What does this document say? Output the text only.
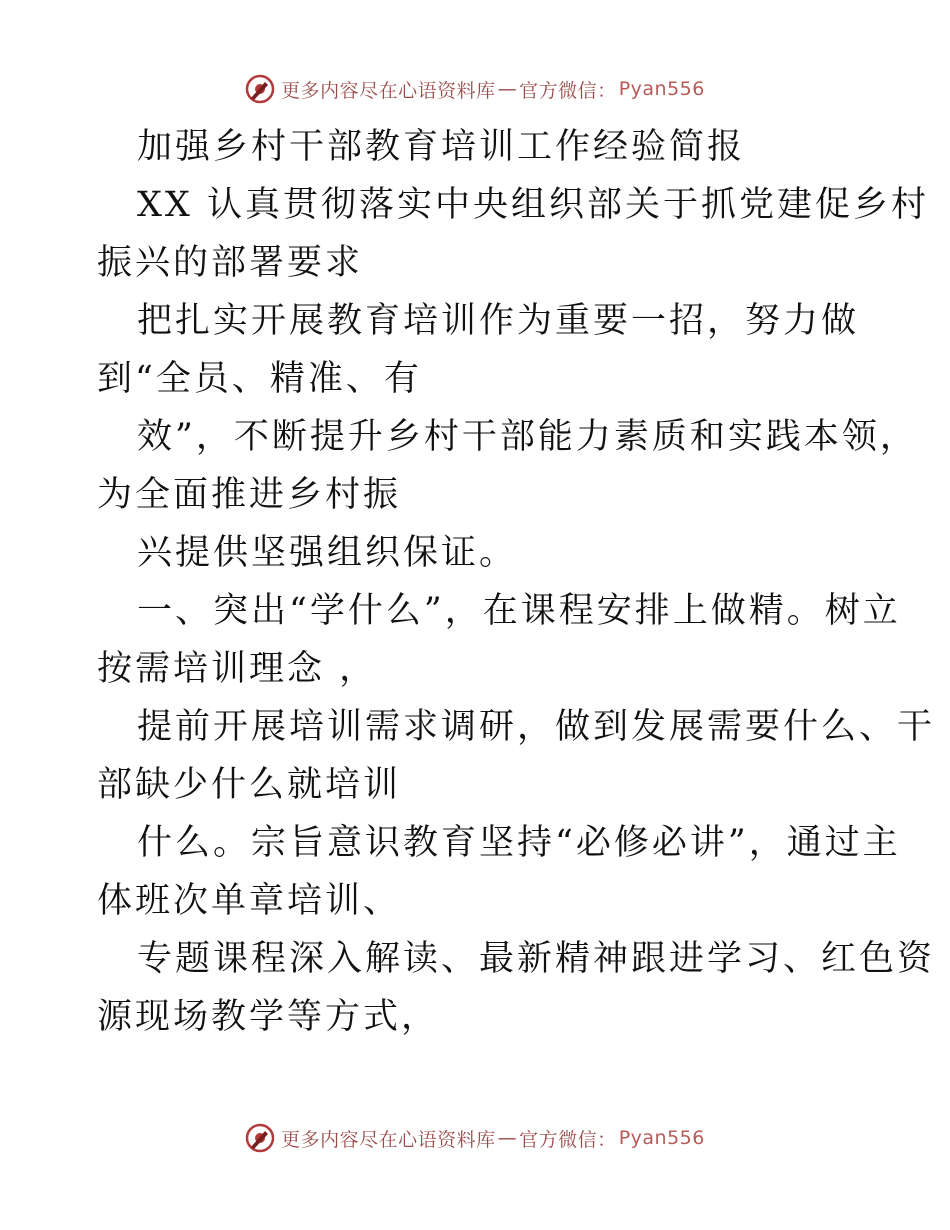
更多内容尽在心语资料库 — 官方微信： Pyan556
加强乡村干部教育培训工作经验简报
XX 认真贯彻落实中央组织部关于抓党建促乡村
振兴的部署要求
把扎实开展教育培训作为重要一招，努力做
到“全员、精准、有
效”，不断提升乡村干部能力素质和实践本领，
为全面推进乡村振
兴提供坚强组织保证。
一、突出“学什么”，在课程安排上做精。树立
按需培训理念 ，
提前开展培训需求调研，做到发展需要什么、干
部缺少什么就培训
什么。宗旨意识教育坚持“必修必讲”，通过主
体班次单章培训、
专题课程深入解读、最新精神跟进学习、红色资
源现场教学等方式，
更多内容尽在心语资料库 — 官方微信： Pyan556
